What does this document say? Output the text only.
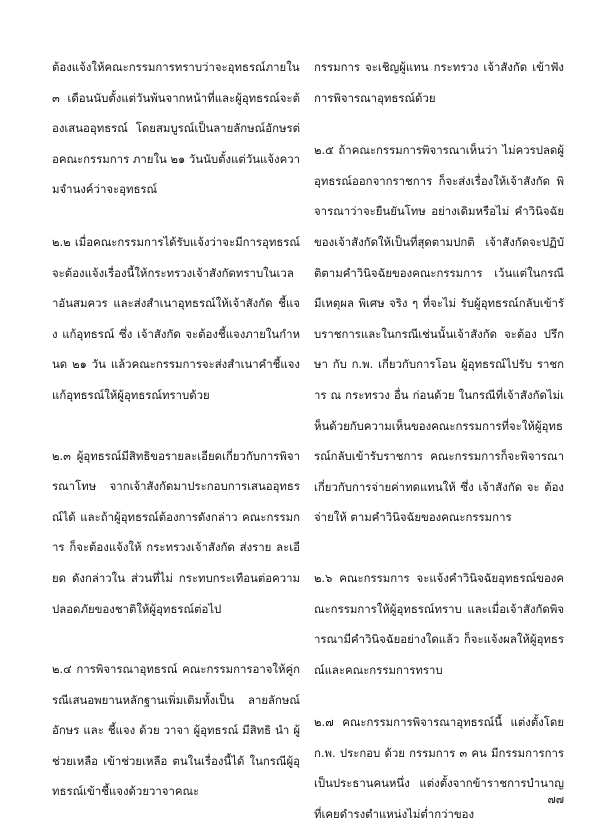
ต้องแจ้งให้คณะกรรมการทราบว่าจะอุทธรณ์ภายใน ๓ เดือนนับตั้งแต่วันพ้นจากหน้าที่และผู้อุทธรณ์จะต้องเสนออุทธรณ์ โดยสมบูรณ์เป็นลายลักษณ์อักษรต่อคณะกรรมการ ภายใน ๒๑ วันนับตั้งแต่วันแจ้งความจำนงค์ว่าจะอุทธรณ์

๒.๒ เมื่อคณะกรรมการได้รับแจ้งว่าจะมีการอุทธรณ์ จะต้องแจ้งเรื่องนี้ให้กระทรวงเจ้าสังกัดทราบในเวลาอันสมควร และส่งสำเนาอุทธรณ์ให้เจ้าสังกัด ชี้แจง แก้อุทธรณ์ ซึ่ง เจ้าสังกัด จะต้องชี้แจงภายในกำหนด ๒๑ วัน แล้วคณะกรรมการจะส่งสำเนาคำชี้แจง แก้อุทธรณ์ให้ผู้อุทธรณ์ทราบด้วย

๒.๓ ผู้อุทธรณ์มีสิทธิขอรายละเอียดเกี่ยวกับการพิจารณาโทษ จากเจ้าสังกัดมาประกอบการเสนออุทธรณ์ได้ และถ้าผู้อุทธรณ์ต้องการดังกล่าว คณะกรรมการ ก็จะต้องแจ้งให้ กระทรวงเจ้าสังกัด ส่งราย ละเอียด ดังกล่าวใน ส่วนที่ไม่ กระทบกระเทือนต่อความปลอดภัยของชาติให้ผู้อุทธรณ์ต่อไป

๒.๔ การพิจารณาอุทธรณ์ คณะกรรมการอาจให้คู่กรณีเสนอพยานหลักฐานเพิ่มเติมทั้งเป็น ลายลักษณ์ อักษร และ ชี้แจง ด้วย วาจา ผู้อุทธรณ์ มีสิทธิ นำ ผู้ช่วยเหลือ เข้าช่วยเหลือ ตนในเรื่องนี้ได้ ในกรณีผู้อุทธรณ์เข้าชี้แจงด้วยวาจาคณะ

กรรมการ จะเชิญผู้แทน กระทรวง เจ้าสังกัด เข้าฟังการพิจารณาอุทธรณ์ด้วย

๒.๕ ถ้าคณะกรรมการพิจารณาเห็นว่า ไม่ควรปลดผู้อุทธรณ์ออกจากราชการ ก็จะส่งเรื่องให้เจ้าสังกัด พิจารณาว่าจะยืนยันโทษ อย่างเดิมหรือไม่ คำวินิจฉัยของเจ้าสังกัดให้เป็นที่สุดตามปกติ เจ้าสังกัดจะปฏิบัติตามคำวินิจฉัยของคณะกรรมการ เว้นแต่ในกรณี มีเหตุผล พิเศษ จริง ๆ ที่จะไม่ รับผู้อุทธรณ์กลับเข้ารับราชการและในกรณีเช่นนั้นเจ้าสังกัด จะต้อง ปรึกษา กับ ก.พ. เกี่ยวกับการโอน ผู้อุทธรณ์ไปรับ ราชการ ณ กระทรวง อื่น ก่อนด้วย ในกรณีที่เจ้าสังกัดไม่เห็นด้วยกับความเห็นของคณะกรรมการที่จะให้ผู้อุทธรณ์กลับเข้ารับราชการ คณะกรรมการก็จะพิจารณาเกี่ยวกับการจ่ายค่าทดแทนให้ ซึ่ง เจ้าสังกัด จะ ต้องจ่ายให้ ตามคำวินิจฉัยของคณะกรรมการ

๒.๖ คณะกรรมการ จะแจ้งคำวินิจฉัยอุทธรณ์ของคณะกรรมการให้ผู้อุทธรณ์ทราบ และเมื่อเจ้าสังกัดพิจารณามีคำวินิจฉัยอย่างใดแล้ว ก็จะแจ้งผลให้ผู้อุทธรณ์และคณะกรรมการทราบ

๒.๗ คณะกรรมการพิจารณาอุทธรณ์นี้ แต่งตั้งโดย ก.พ. ประกอบ ด้วย กรรมการ ๓ คน มีกรรมการการเป็นประธานคนหนึ่ง แต่งตั้งจากข้าราชการบำนาญที่เคยดำรงตำแหน่งไม่ต่ำกว่าของ

๗๗
